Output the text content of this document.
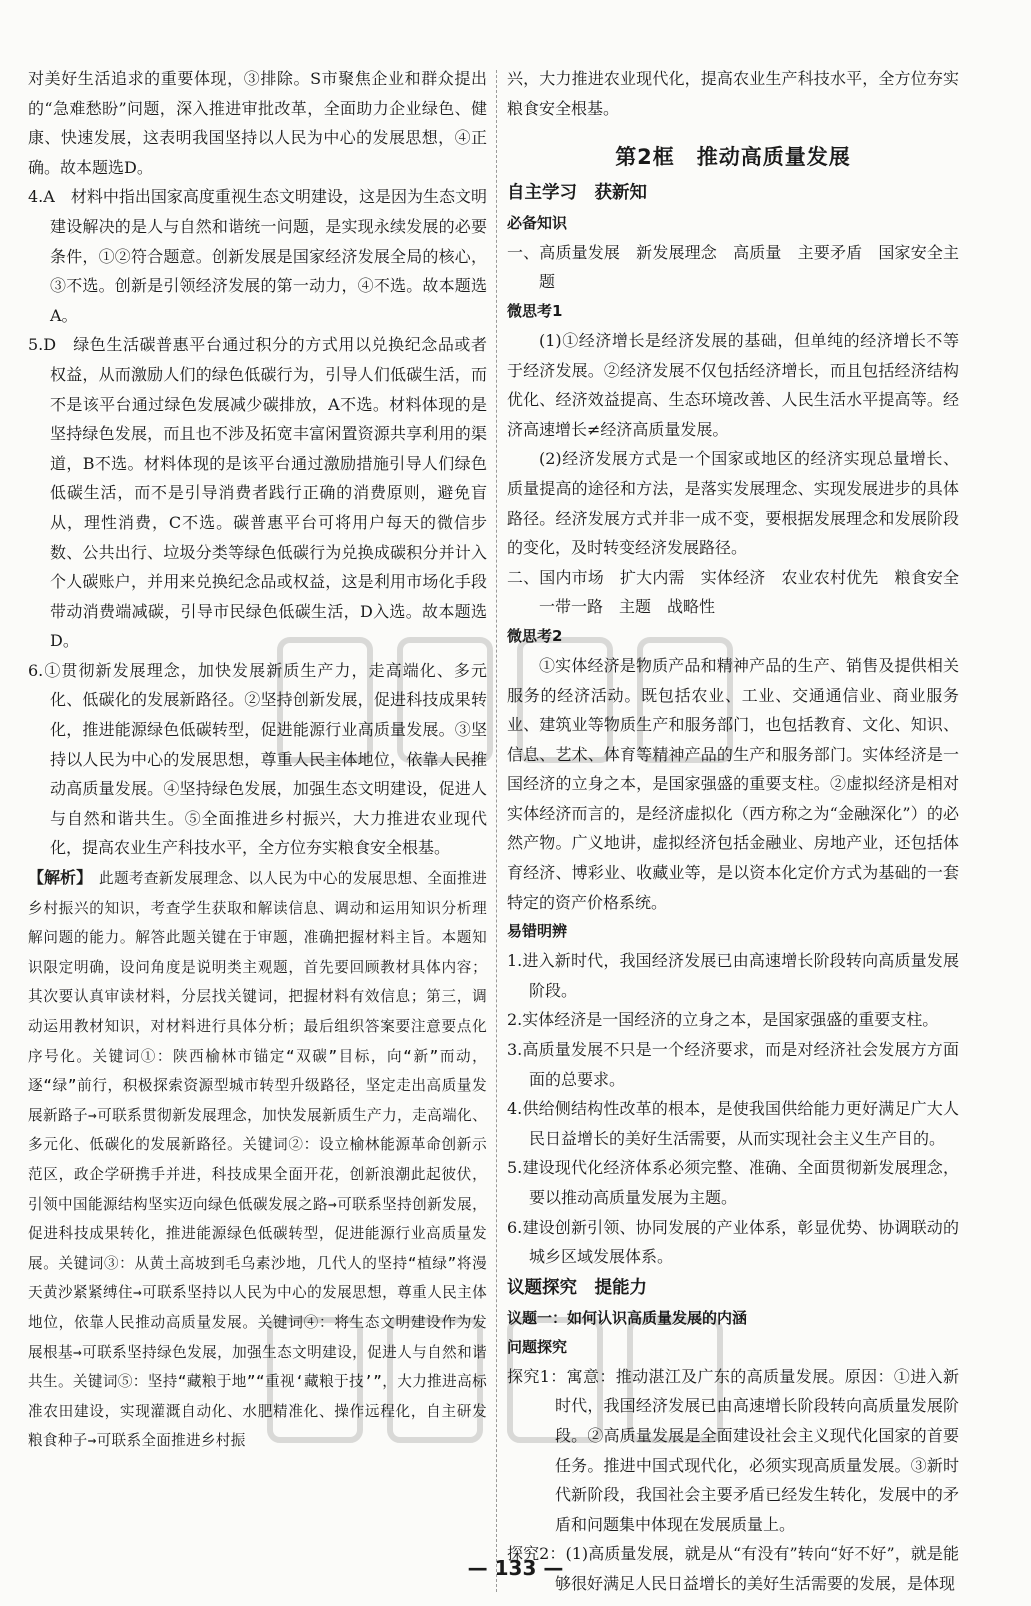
对美好生活追求的重要体现，③排除。S市聚焦企业和群众提出的“急难愁盼”问题，深入推进审批改革，全面助力企业绿色、健康、快速发展，这表明我国坚持以人民为中心的发展思想，④正确。故本题选D。

4.A　材料中指出国家高度重视生态文明建设，这是因为生态文明建设解决的是人与自然和谐统一问题，是实现永续发展的必要条件，①②符合题意。创新发展是国家经济发展全局的核心，③不选。创新是引领经济发展的第一动力，④不选。故本题选A。

5.D　绿色生活碳普惠平台通过积分的方式用以兑换纪念品或者权益，从而激励人们的绿色低碳行为，引导人们低碳生活，而不是该平台通过绿色发展减少碳排放，A不选。材料体现的是坚持绿色发展，而且也不涉及拓宽丰富闲置资源共享利用的渠道，B不选。材料体现的是该平台通过激励措施引导人们绿色低碳生活，而不是引导消费者践行正确的消费原则，避免盲从，理性消费，C不选。碳普惠平台可将用户每天的微信步数、公共出行、垃圾分类等绿色低碳行为兑换成碳积分并计入个人碳账户，并用来兑换纪念品或权益，这是利用市场化手段带动消费端减碳，引导市民绿色低碳生活，D入选。故本题选D。

6.①贯彻新发展理念，加快发展新质生产力，走高端化、多元化、低碳化的发展新路径。②坚持创新发展，促进科技成果转化，推进能源绿色低碳转型，促进能源行业高质量发展。③坚持以人民为中心的发展思想，尊重人民主体地位，依靠人民推动高质量发展。④坚持绿色发展，加强生态文明建设，促进人与自然和谐共生。⑤全面推进乡村振兴，大力推进农业现代化，提高农业生产科技水平，全方位夯实粮食安全根基。

【解析】　此题考查新发展理念、以人民为中心的发展思想、全面推进乡村振兴的知识，考查学生获取和解读信息、调动和运用知识分析理解问题的能力。解答此题关键在于审题，准确把握材料主旨。本题知识限定明确，设问角度是说明类主观题，首先要回顾教材具体内容；其次要认真审读材料，分层找关键词，把握材料有效信息；第三，调动运用教材知识，对材料进行具体分析；最后组织答案要注意要点化序号化。关键词①：陕西榆林市锚定“双碳”目标，向“新”而动，逐“绿”前行，积极探索资源型城市转型升级路径，坚定走出高质量发展新路子→可联系贯彻新发展理念，加快发展新质生产力，走高端化、多元化、低碳化的发展新路径。关键词②：设立榆林能源革命创新示范区，政企学研携手并进，科技成果全面开花，创新浪潮此起彼伏，引领中国能源结构坚实迈向绿色低碳发展之路→可联系坚持创新发展，促进科技成果转化，推进能源绿色低碳转型，促进能源行业高质量发展。关键词③：从黄土高坡到毛乌素沙地，几代人的坚持“植绿”将漫天黄沙紧紧缚住→可联系坚持以人民为中心的发展思想，尊重人民主体地位，依靠人民推动高质量发展。关键词④：将生态文明建设作为发展根基→可联系坚持绿色发展，加强生态文明建设，促进人与自然和谐共生。关键词⑤：坚持“藏粮于地”“重视‘藏粮于技’”，大力推进高标准农田建设，实现灌溉自动化、水肥精准化、操作远程化，自主研发粮食种子→可联系全面推进乡村振

兴，大力推进农业现代化，提高农业生产科技水平，全方位夯实粮食安全根基。

第2框　推动高质量发展
自主学习　获新知
必备知识

一、高质量发展　新发展理念　高质量　主要矛盾　国家安全主题

微思考1

(1)①经济增长是经济发展的基础，但单纯的经济增长不等于经济发展。②经济发展不仅包括经济增长，而且包括经济结构优化、经济效益提高、生态环境改善、人民生活水平提高等。经济高速增长≠经济高质量发展。

(2)经济发展方式是一个国家或地区的经济实现总量增长、质量提高的途径和方法，是落实发展理念、实现发展进步的具体路径。经济发展方式并非一成不变，要根据发展理念和发展阶段的变化，及时转变经济发展路径。

二、国内市场　扩大内需　实体经济　农业农村优先　粮食安全　一带一路　主题　战略性

微思考2

①实体经济是物质产品和精神产品的生产、销售及提供相关服务的经济活动。既包括农业、工业、交通通信业、商业服务业、建筑业等物质生产和服务部门，也包括教育、文化、知识、信息、艺术、体育等精神产品的生产和服务部门。实体经济是一国经济的立身之本，是国家强盛的重要支柱。②虚拟经济是相对实体经济而言的，是经济虚拟化（西方称之为“金融深化”）的必然产物。广义地讲，虚拟经济包括金融业、房地产业，还包括体育经济、博彩业、收藏业等，是以资本化定价方式为基础的一套特定的资产价格系统。

易错明辨

1.进入新时代，我国经济发展已由高速增长阶段转向高质量发展阶段。

2.实体经济是一国经济的立身之本，是国家强盛的重要支柱。

3.高质量发展不只是一个经济要求，而是对经济社会发展方方面面的总要求。

4.供给侧结构性改革的根本，是使我国供给能力更好满足广大人民日益增长的美好生活需要，从而实现社会主义生产目的。

5.建设现代化经济体系必须完整、准确、全面贯彻新发展理念，要以推动高质量发展为主题。

6.建设创新引领、协同发展的产业体系，彰显优势、协调联动的城乡区域发展体系。

议题探究　提能力
议题一：如何认识高质量发展的内涵
问题探究

探究1：寓意：推动湛江及广东的高质量发展。原因：①进入新时代，我国经济发展已由高速增长阶段转向高质量发展阶段。②高质量发展是全面建设社会主义现代化国家的首要任务。推进中国式现代化，必须实现高质量发展。③新时代新阶段，我国社会主要矛盾已经发生转化，发展中的矛盾和问题集中体现在发展质量上。

探究2：(1)高质量发展，就是从“有没有”转向“好不好”，就是能够很好满足人民日益增长的美好生活需要的发展，是体现

— 133 —
